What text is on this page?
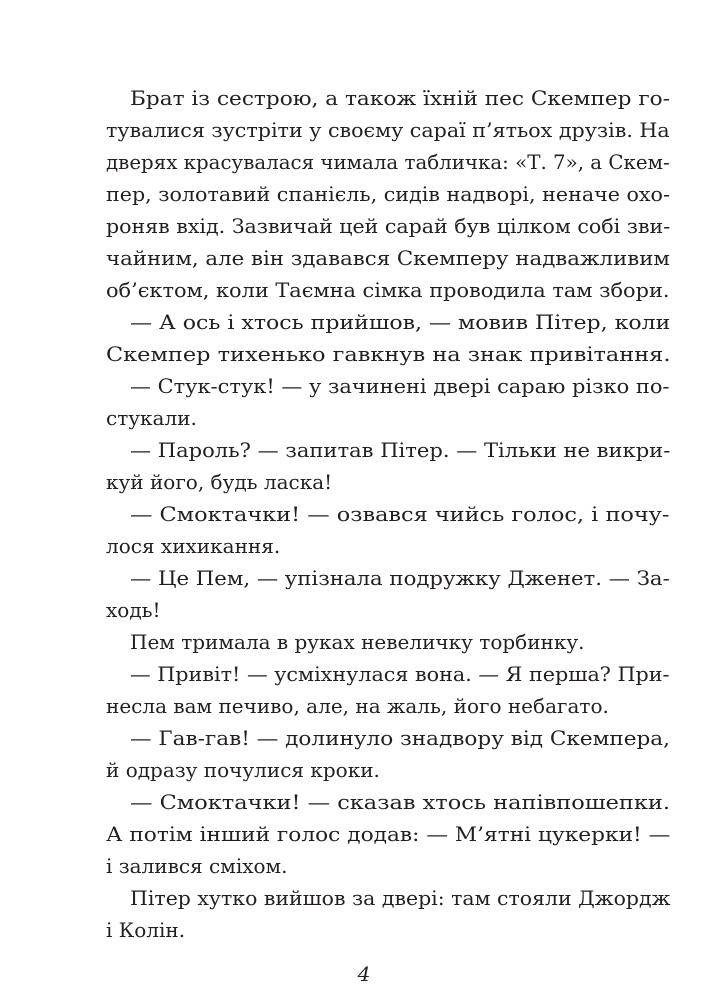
Брат із сестрою, а також їхній пес Скемпер го-
тувалися зустріти у своєму сараї п’ятьох друзів. На
дверях красувалася чимала табличка: «Т. 7», а Скем-
пер, золотавий спанієль, сидів надворі, неначе охо-
роняв вхід. Зазвичай цей сарай був цілком собі зви-
чайним, але він здавався Скемперу надважливим
об’єктом, коли Таємна сімка проводила там збори.
— А ось і хтось прийшов, — мовив Пітер, коли
Скемпер тихенько гавкнув на знак привітання.
— Стук-стук! — у зачинені двері сараю різко по-
стукали.
— Пароль? — запитав Пітер. — Тільки не викри-
куй його, будь ласка!
— Смоктачки! — озвався чийсь голос, і почу-
лося хихикання.
— Це Пем, — упізнала подружку Дженет. — За-
ходь!
Пем тримала в руках невеличку торбинку.
— Привіт! — усміхнулася вона. — Я перша? При-
несла вам печиво, але, на жаль, його небагато.
— Гав-гав! — долинуло знадвору від Скемпера,
й одразу почулися кроки.
— Смоктачки! — сказав хтось напівпошепки.
А потім інший голос додав: — М’ятні цукерки! —
і залився сміхом.
Пітер хутко вийшов за двері: там стояли Джордж
і Колін.
4
